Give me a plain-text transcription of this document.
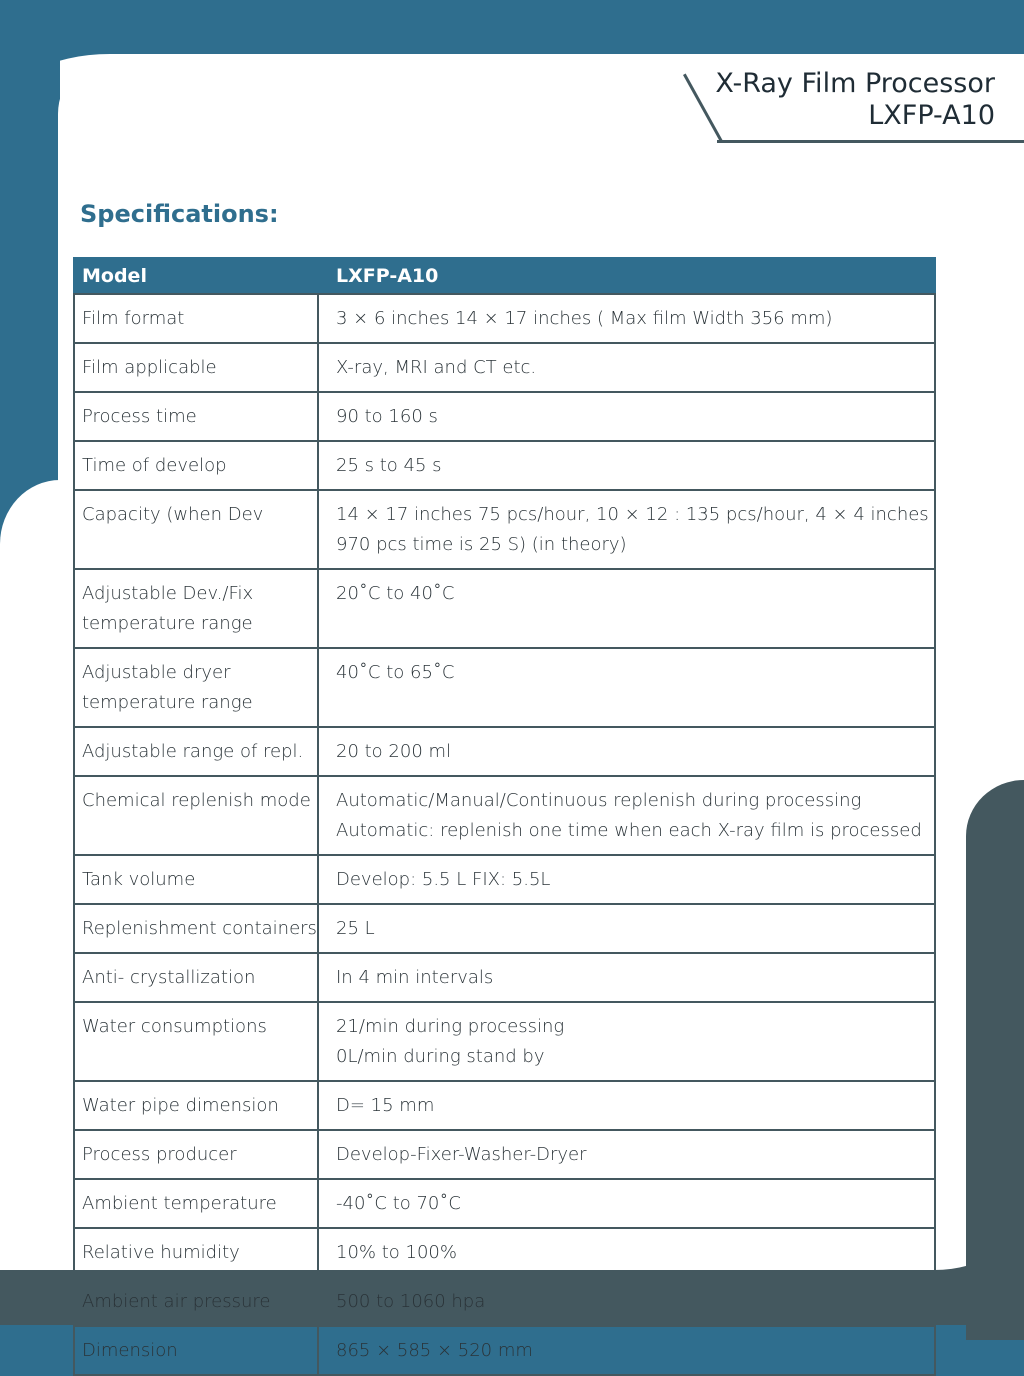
X-Ray Film Processor
LXFP-A10
Specifications:
Model	LXFP-A10

Film format	3 × 6 inches 14 × 17 inches ( Max film Width 356 mm)

Film applicable	X-ray, MRI and CT etc.

Process time	90 to 160 s

Time of develop	25 s to 45 s

Capacity (when Dev	14 × 17 inches 75 pcs/hour, 10 × 12 : 135 pcs/hour, 4 × 4 inches
970 pcs time is 25 S) (in theory)

Adjustable Dev./Fix
temperature range	20˚C to 40˚C

Adjustable dryer
temperature range	40˚C to 65˚C

Adjustable range of repl.	20 to 200 ml

Chemical replenish mode	Automatic/Manual/Continuous replenish during processing
Automatic: replenish one time when each X-ray film is processed

Tank volume	Develop: 5.5 L FIX: 5.5L

Replenishment containers	25 L

Anti- crystallization	In 4 min intervals

Water consumptions	21/min during processing
0L/min during stand by

Water pipe dimension	D= 15 mm

Process producer	Develop-Fixer-Washer-Dryer

Ambient temperature	-40˚C to 70˚C

Relative humidity	10% to 100%

Ambient air pressure	500 to 1060 hpa

Dimension	865 × 585 × 520 mm
